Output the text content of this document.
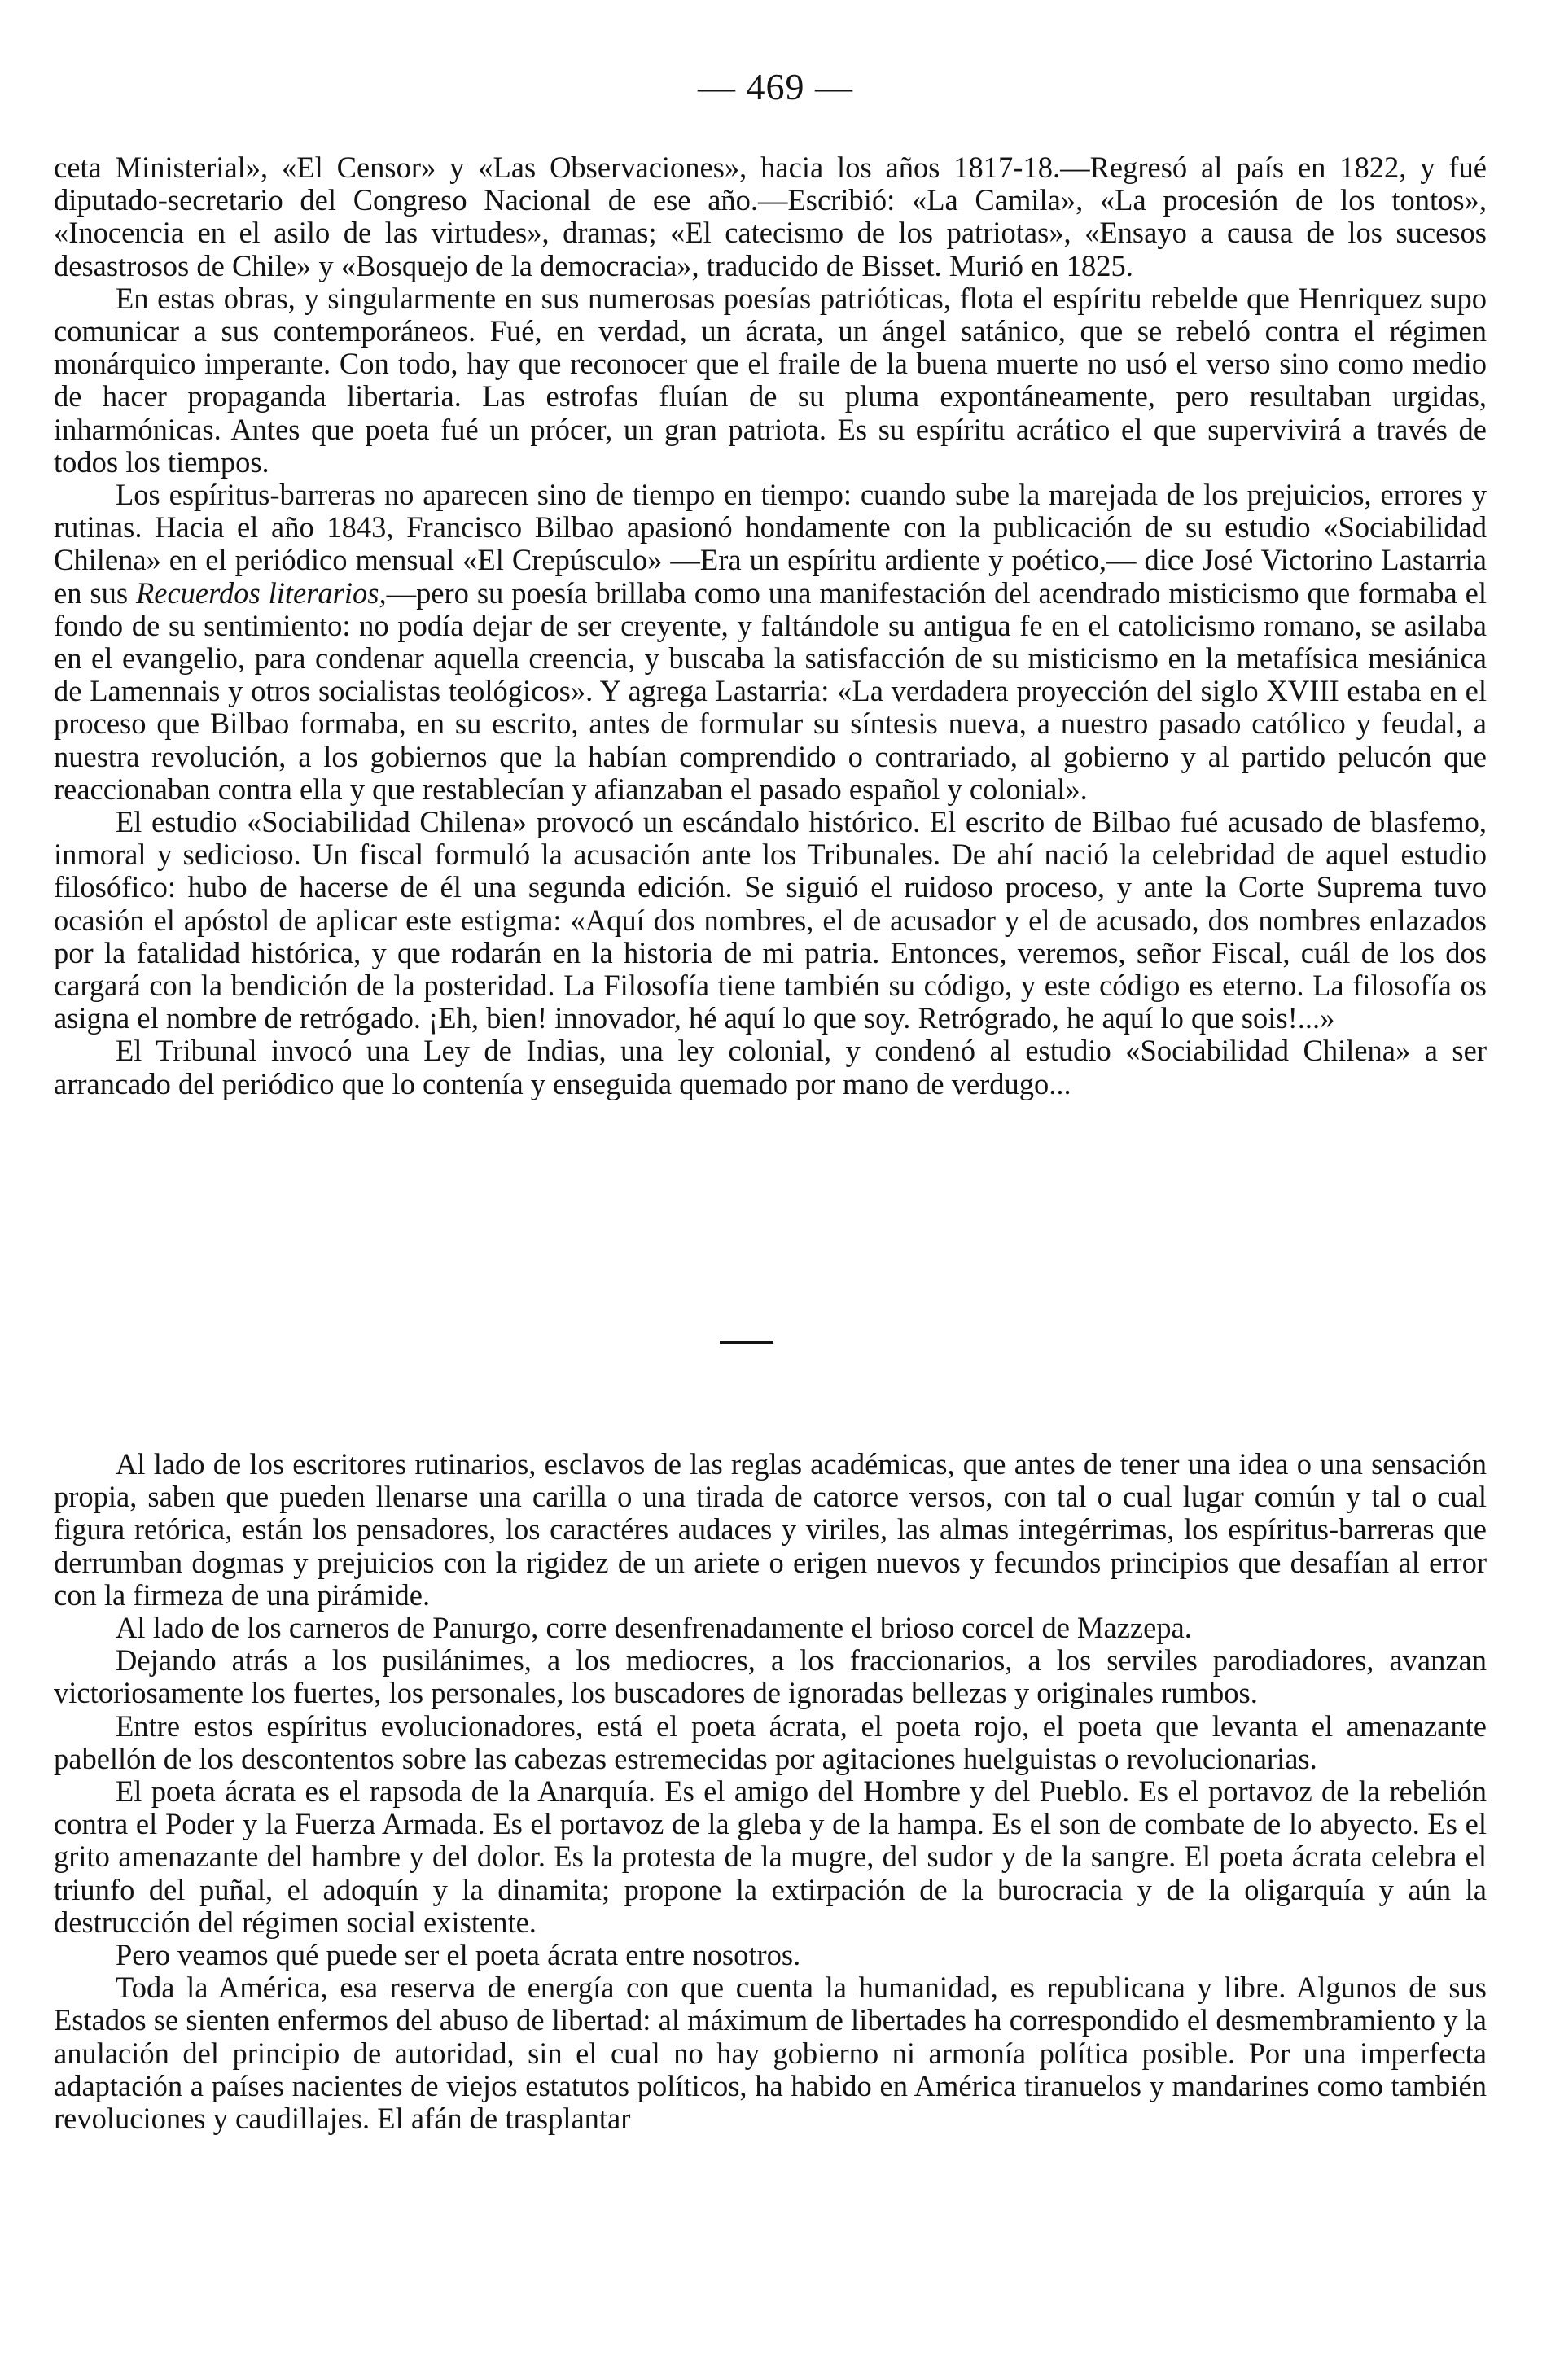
— 469 —

ceta Ministerial», «El Censor» y «Las Observaciones», hacia los años 1817-18.—Regresó al país en 1822, y fué diputado-secretario del Congreso Nacional de ese año.—Escribió: «La Camila», «La procesión de los tontos», «Inocencia en el asilo de las virtudes», dramas; «El catecismo de los patriotas», «Ensayo a causa de los sucesos desastrosos de Chile» y «Bosquejo de la democracia», traducido de Bisset. Murió en 1825.

En estas obras, y singularmente en sus numerosas poesías patrióticas, flota el espíritu rebelde que Henriquez supo comunicar a sus contemporáneos. Fué, en verdad, un ácrata, un ángel satánico, que se rebeló contra el régimen monárquico imperante. Con todo, hay que reconocer que el fraile de la buena muerte no usó el verso sino como medio de hacer propaganda libertaria. Las estrofas fluían de su pluma expontáneamente, pero resultaban urgidas, inharmónicas. Antes que poeta fué un prócer, un gran patriota. Es su espíritu acrático el que supervivirá a través de todos los tiempos.

Los espíritus-barreras no aparecen sino de tiempo en tiempo: cuando sube la marejada de los prejuicios, errores y rutinas. Hacia el año 1843, Francisco Bilbao apasionó hondamente con la publicación de su estudio «Sociabilidad Chilena» en el periódico mensual «El Crepúsculo» —Era un espíritu ardiente y poético,— dice José Victorino Lastarria en sus Recuerdos literarios,—pero su poesía brillaba como una manifestación del acendrado misticismo que formaba el fondo de su sentimiento: no podía dejar de ser creyente, y faltándole su antigua fe en el catolicismo romano, se asilaba en el evangelio, para condenar aquella creencia, y buscaba la satisfacción de su misticismo en la metafísica mesiánica de Lamennais y otros socialistas teológicos». Y agrega Lastarria: «La verdadera proyección del siglo XVIII estaba en el proceso que Bilbao formaba, en su escrito, antes de formular su síntesis nueva, a nuestro pasado católico y feudal, a nuestra revolución, a los gobiernos que la habían comprendido o contrariado, al gobierno y al partido pelucón que reaccionaban contra ella y que restablecían y afianzaban el pasado español y colonial».

El estudio «Sociabilidad Chilena» provocó un escándalo histórico. El escrito de Bilbao fué acusado de blasfemo, inmoral y sedicioso. Un fiscal formuló la acusación ante los Tribunales. De ahí nació la celebridad de aquel estudio filosófico: hubo de hacerse de él una segunda edición. Se siguió el ruidoso proceso, y ante la Corte Suprema tuvo ocasión el apóstol de aplicar este estigma: «Aquí dos nombres, el de acusador y el de acusado, dos nombres enlazados por la fatalidad histórica, y que rodarán en la historia de mi patria. Entonces, veremos, señor Fiscal, cuál de los dos cargará con la bendición de la posteridad. La Filosofía tiene también su código, y este código es eterno. La filosofía os asigna el nombre de retrógado. ¡Eh, bien! innovador, hé aquí lo que soy. Retrógrado, he aquí lo que sois!...»

El Tribunal invocó una Ley de Indias, una ley colonial, y condenó al estudio «Sociabilidad Chilena» a ser arrancado del periódico que lo contenía y enseguida quemado por mano de verdugo...

Al lado de los escritores rutinarios, esclavos de las reglas académicas, que antes de tener una idea o una sensación propia, saben que pueden llenarse una carilla o una tirada de catorce versos, con tal o cual lugar común y tal o cual figura retórica, están los pensadores, los caractéres audaces y viriles, las almas integérrimas, los espíritus-barreras que derrumban dogmas y prejuicios con la rigidez de un ariete o erigen nuevos y fecundos principios que desafían al error con la firmeza de una pirámide.

Al lado de los carneros de Panurgo, corre desenfrenadamente el brioso corcel de Mazzepa.

Dejando atrás a los pusilánimes, a los mediocres, a los fraccionarios, a los serviles parodiadores, avanzan victoriosamente los fuertes, los personales, los buscadores de ignoradas bellezas y originales rumbos.

Entre estos espíritus evolucionadores, está el poeta ácrata, el poeta rojo, el poeta que levanta el amenazante pabellón de los descontentos sobre las cabezas estremecidas por agitaciones huelguistas o revolucionarias.

El poeta ácrata es el rapsoda de la Anarquía. Es el amigo del Hombre y del Pueblo. Es el portavoz de la rebelión contra el Poder y la Fuerza Armada. Es el portavoz de la gleba y de la hampa. Es el son de combate de lo abyecto. Es el grito amenazante del hambre y del dolor. Es la protesta de la mugre, del sudor y de la sangre. El poeta ácrata celebra el triunfo del puñal, el adoquín y la dinamita; propone la extirpación de la burocracia y de la oligarquía y aún la destrucción del régimen social existente.

Pero veamos qué puede ser el poeta ácrata entre nosotros.

Toda la América, esa reserva de energía con que cuenta la humanidad, es republicana y libre. Algunos de sus Estados se sienten enfermos del abuso de libertad: al máximum de libertades ha correspondido el desmembramiento y la anulación del principio de autoridad, sin el cual no hay gobierno ni armonía política posible. Por una imperfecta adaptación a países nacientes de viejos estatutos políticos, ha habido en América tiranuelos y mandarines como también revoluciones y caudillajes. El afán de trasplantar
